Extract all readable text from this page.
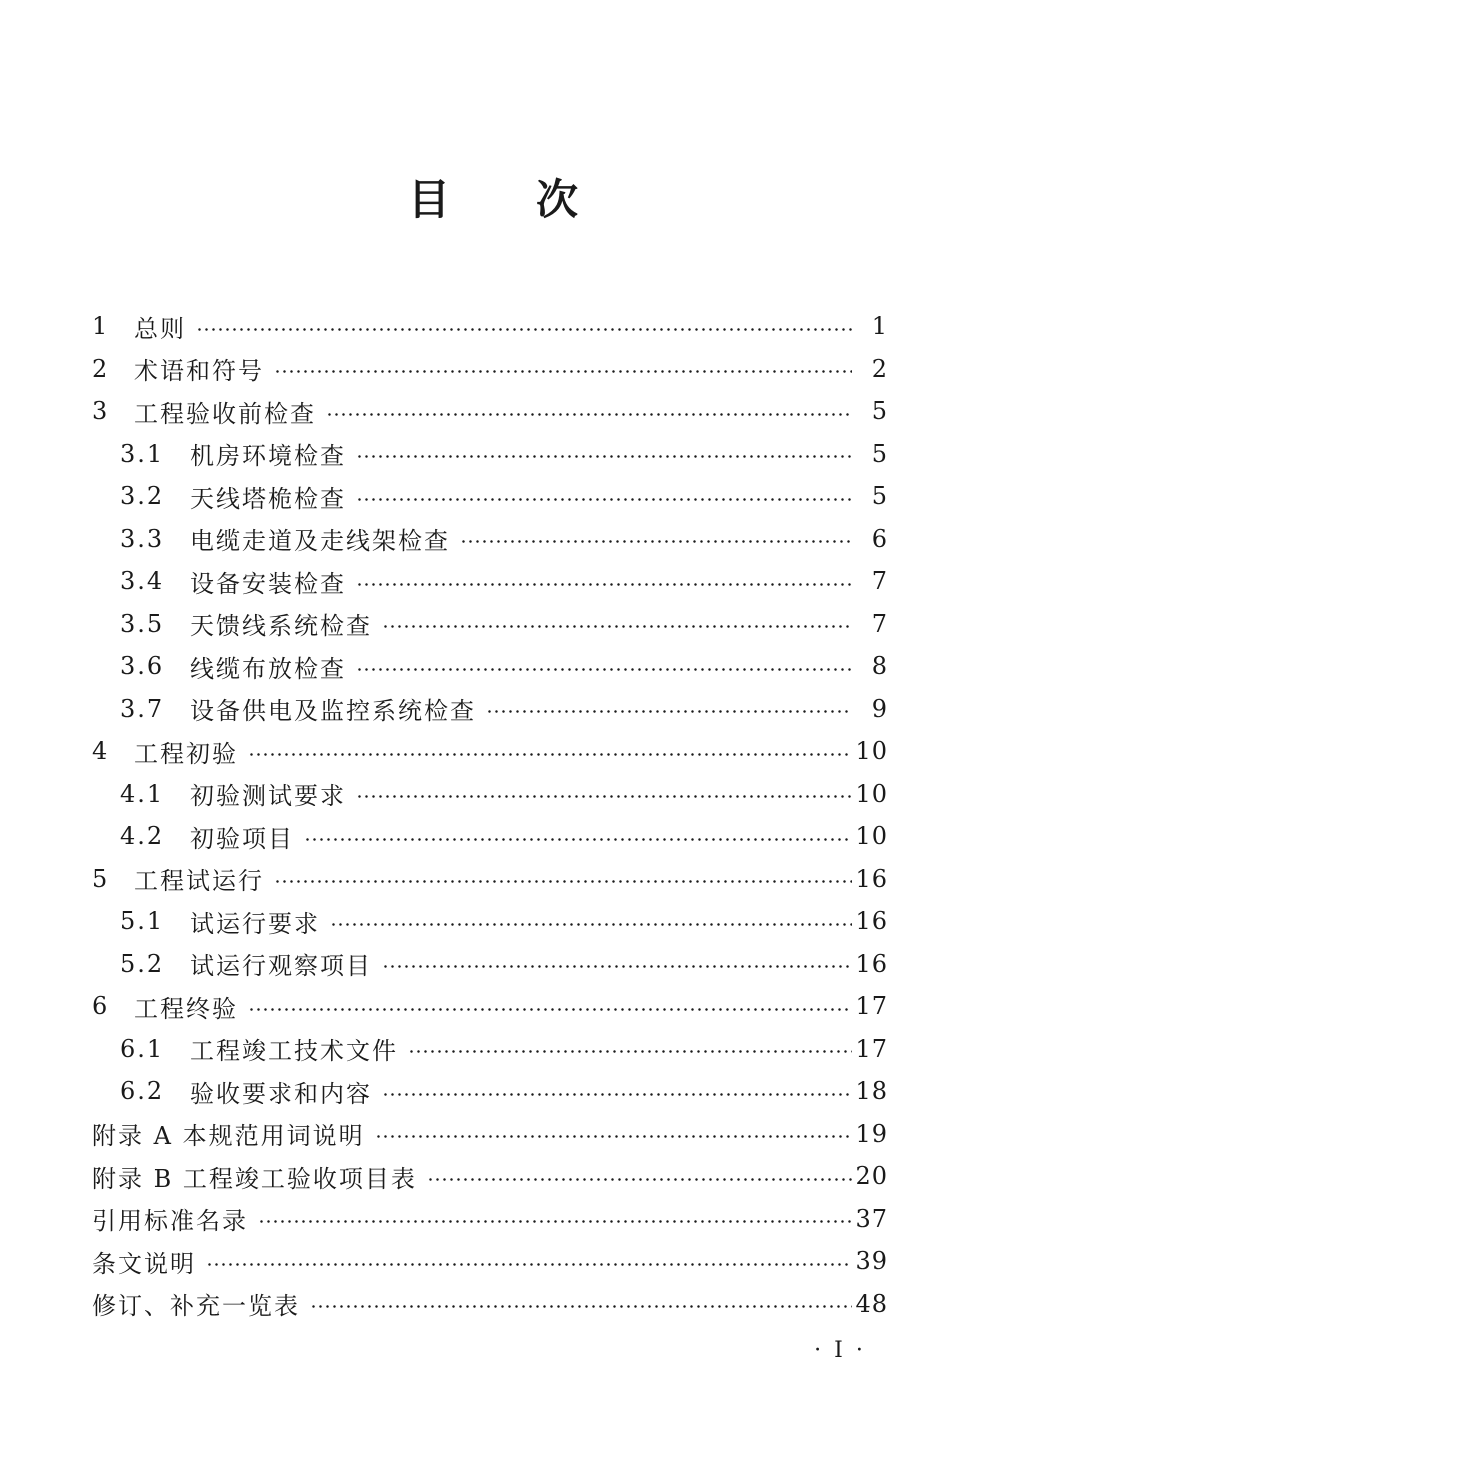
目 次
1	总则	1
2	术语和符号	2
3	工程验收前检查	5
3.1	机房环境检查	5
3.2	天线塔桅检查	5
3.3	电缆走道及走线架检查	6
3.4	设备安装检查	7
3.5	天馈线系统检查	7
3.6	线缆布放检查	8
3.7	设备供电及监控系统检查	9
4	工程初验	10
4.1	初验测试要求	10
4.2	初验项目	10
5	工程试运行	16
5.1	试运行要求	16
5.2	试运行观察项目	16
6	工程终验	17
6.1	工程竣工技术文件	17
6.2	验收要求和内容	18
附录 A 本规范用词说明	19
附录 B 工程竣工验收项目表	20
引用标准名录	37
条文说明	39
修订、补充一览表	48
· I ·
